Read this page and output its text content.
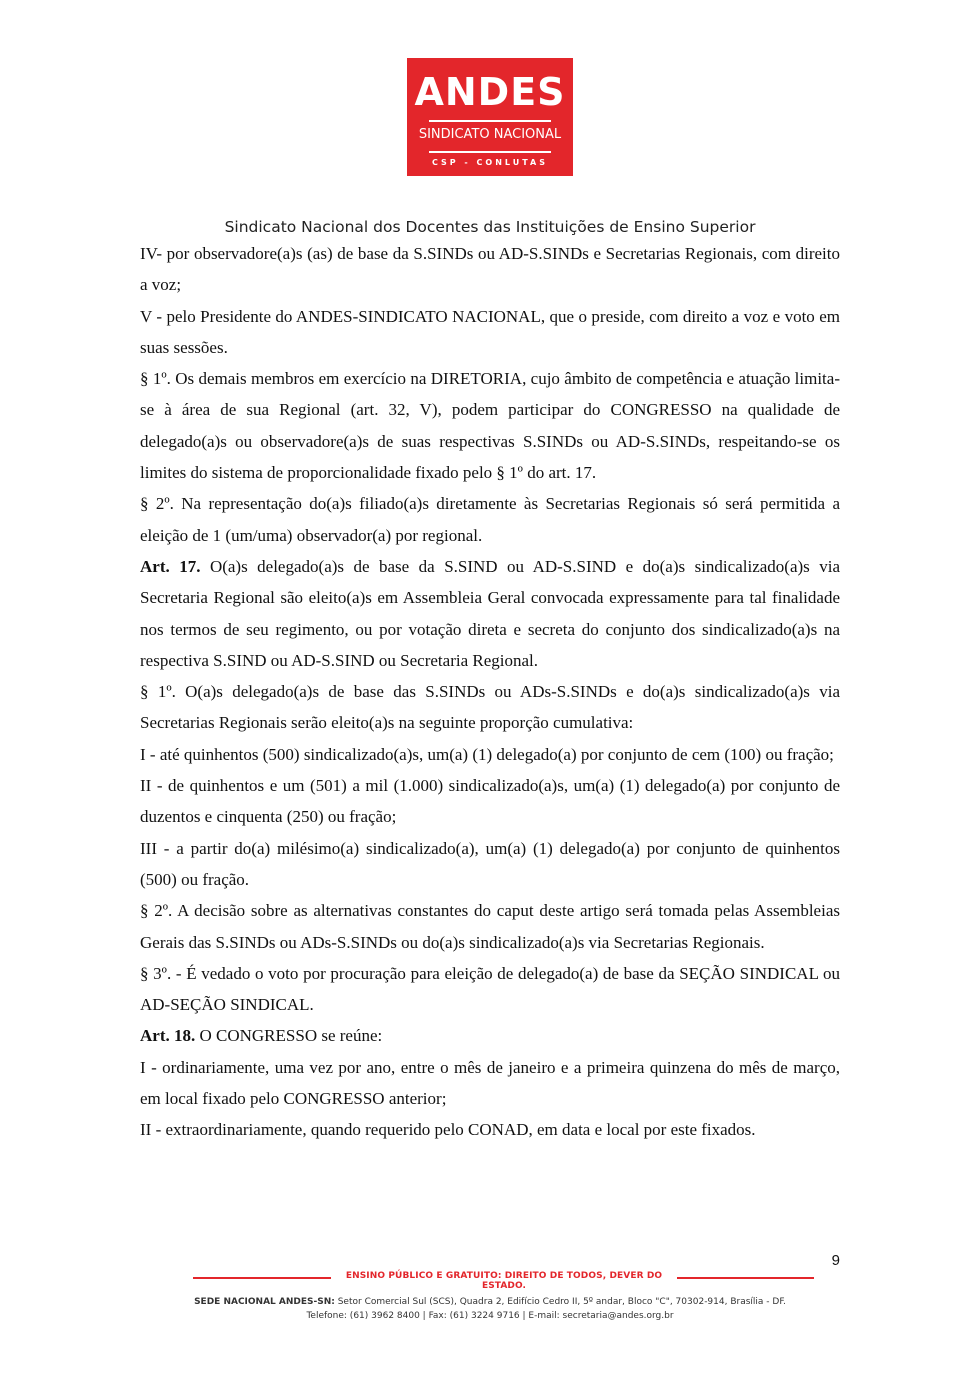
ANDES
SINDICATO NACIONAL
CSP - CONLUTAS
Sindicato Nacional dos Docentes das Instituições de Ensino Superior

IV- por observadore(a)s (as) de base da S.SINDs ou AD-S.SINDs e Secretarias Regionais, com direito a voz;

V - pelo Presidente do ANDES-SINDICATO NACIONAL, que o preside, com direito a voz e voto em suas sessões.

§ 1º. Os demais membros em exercício na DIRETORIA, cujo âmbito de competência e atuação limita-se à área de sua Regional (art. 32, V), podem participar do CONGRESSO na qualidade de delegado(a)s ou observadore(a)s de suas respectivas S.SINDs ou AD-S.SINDs, respeitando-se os limites do sistema de proporcionalidade fixado pelo § 1º do art. 17.

§ 2º. Na representação do(a)s filiado(a)s diretamente às Secretarias Regionais só será permitida a eleição de 1 (um/uma) observador(a) por regional.

Art. 17. O(a)s delegado(a)s de base da S.SIND ou AD-S.SIND e do(a)s sindicalizado(a)s via Secretaria Regional são eleito(a)s em Assembleia Geral convocada expressamente para tal finalidade nos termos de seu regimento, ou por votação direta e secreta do conjunto dos sindicalizado(a)s na respectiva S.SIND ou AD-S.SIND ou Secretaria Regional.

§ 1º. O(a)s delegado(a)s de base das S.SINDs ou ADs-S.SINDs e do(a)s sindicalizado(a)s via Secretarias Regionais serão eleito(a)s na seguinte proporção cumulativa:

I - até quinhentos (500) sindicalizado(a)s, um(a) (1) delegado(a) por conjunto de cem (100) ou fração;

II - de quinhentos e um (501) a mil (1.000) sindicalizado(a)s, um(a) (1) delegado(a) por conjunto de duzentos e cinquenta (250) ou fração;

III - a partir do(a) milésimo(a) sindicalizado(a), um(a) (1) delegado(a) por conjunto de quinhentos (500) ou fração.

§ 2º. A decisão sobre as alternativas constantes do caput deste artigo será tomada pelas Assembleias Gerais das S.SINDs ou ADs-S.SINDs ou do(a)s sindicalizado(a)s via Secretarias Regionais.

§ 3º. - É vedado o voto por procuração para eleição de delegado(a) de base da SEÇÃO SINDICAL ou AD-SEÇÃO SINDICAL.

Art. 18. O CONGRESSO se reúne:

I - ordinariamente, uma vez por ano, entre o mês de janeiro e a primeira quinzena do mês de março, em local fixado pelo CONGRESSO anterior;

II - extraordinariamente, quando requerido pelo CONAD, em data e local por este fixados.

9
ENSINO PÚBLICO E GRATUITO: DIREITO DE TODOS, DEVER DO ESTADO.
SEDE NACIONAL ANDES-SN: Setor Comercial Sul (SCS), Quadra 2, Edifício Cedro II, 5º andar, Bloco "C", 70302-914, Brasília - DF.
Telefone: (61) 3962 8400 | Fax: (61) 3224 9716 | E-mail: secretaria@andes.org.br
